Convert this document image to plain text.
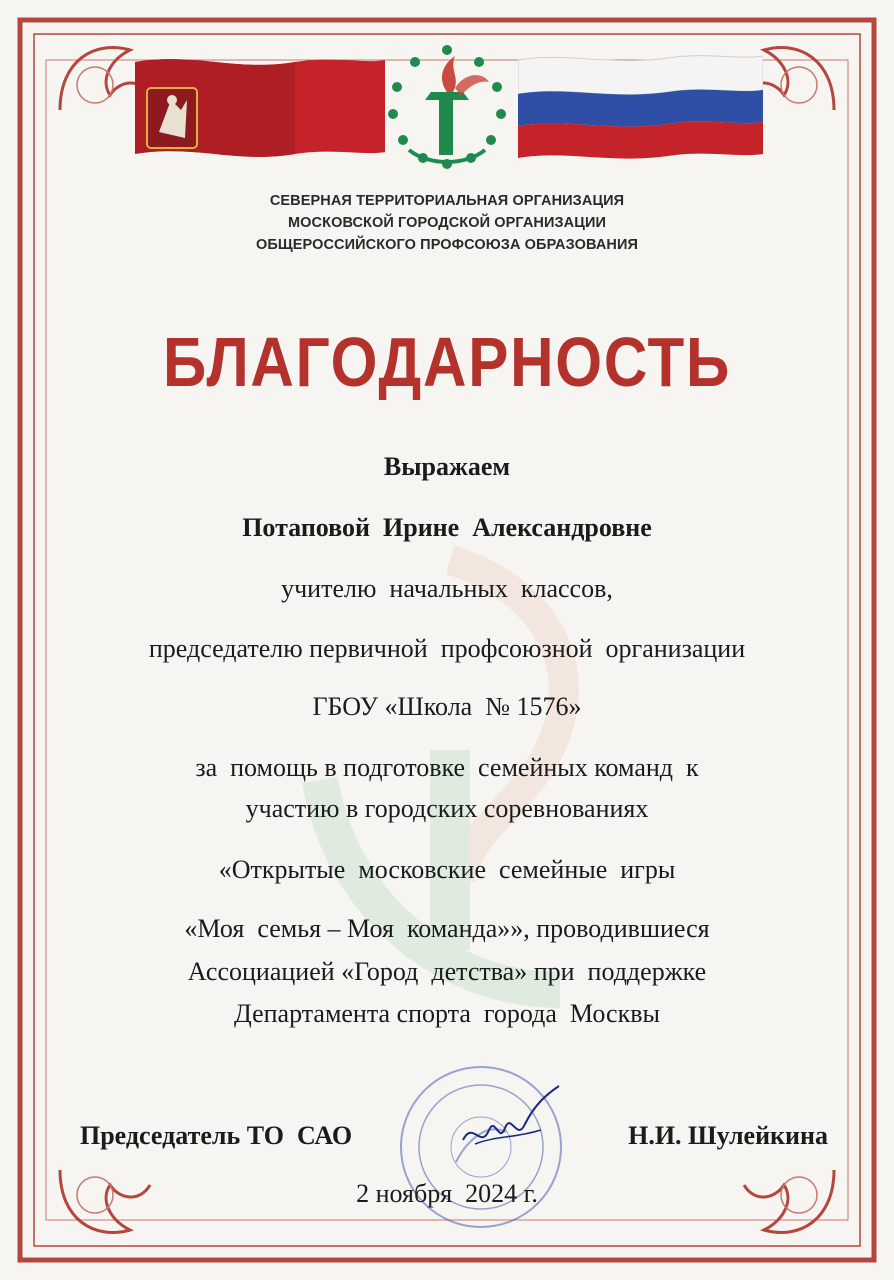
СЕВЕРНАЯ ТЕРРИТОРИАЛЬНАЯ ОРГАНИЗАЦИЯ
МОСКОВСКОЙ ГОРОДСКОЙ ОРГАНИЗАЦИИ
ОБЩЕРОССИЙСКОГО ПРОФСОЮЗА ОБРАЗОВАНИЯ
БЛАГОДАРНОСТЬ
Выражаем
Потаповой  Ирине  Александровне
учителю  начальных  классов,
председателю первичной  профсоюзной  организации
ГБОУ «Школа  № 1576»
за  помощь в подготовке  семейных команд  к
участию в городских соревнованиях
«Открытые  московские  семейные  игры
«Моя  семья – Моя  команда»», проводившиеся
Ассоциацией «Город  детства» при  поддержке
Департамента спорта  города  Москвы
Председатель ТО  САО	Н.И. Шулейкина
2 ноября  2024 г.
